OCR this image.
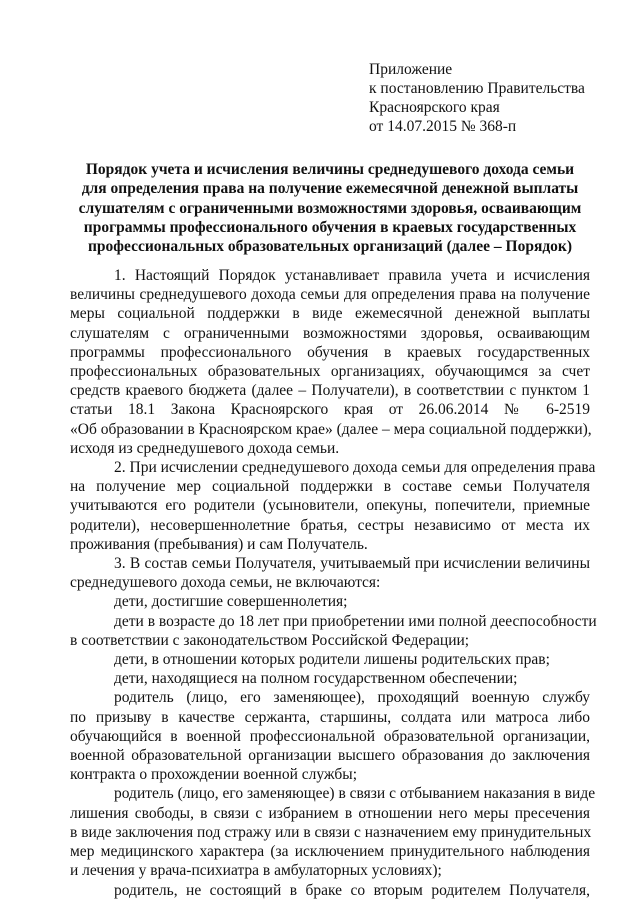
Приложение
к постановлению Правительства
Красноярского края
от 14.07.2015 № 368-п
Порядок учета и исчисления величины среднедушевого дохода семьи
для определения права на получение ежемесячной денежной выплаты
слушателям с ограниченными возможностями здоровья, осваивающим
программы профессионального обучения в краевых государственных
профессиональных образовательных организаций (далее – Порядок)
1. Настоящий Порядок устанавливает правила учета и исчисления
величины среднедушевого дохода семьи для определения права на получение
меры социальной поддержки в виде ежемесячной денежной выплаты
слушателям с ограниченными возможностями здоровья, осваивающим
программы профессионального обучения в краевых государственных
профессиональных образовательных организациях, обучающимся за счет
средств краевого бюджета (далее – Получатели), в соответствии с пунктом 1
статьи 18.1 Закона Красноярского края от 26.06.2014 № 6-2519
«Об образовании в Красноярском крае» (далее – мера социальной поддержки),
исходя из среднедушевого дохода семьи.
2. При исчислении среднедушевого дохода семьи для определения права
на получение мер социальной поддержки в составе семьи Получателя
учитываются его родители (усыновители, опекуны, попечители, приемные
родители), несовершеннолетние братья, сестры независимо от места их
проживания (пребывания) и сам Получатель.
3. В состав семьи Получателя, учитываемый при исчислении величины
среднедушевого дохода семьи, не включаются:
дети, достигшие совершеннолетия;
дети в возрасте до 18 лет при приобретении ими полной дееспособности
в соответствии с законодательством Российской Федерации;
дети, в отношении которых родители лишены родительских прав;
дети, находящиеся на полном государственном обеспечении;
родитель (лицо, его заменяющее), проходящий военную службу
по призыву в качестве сержанта, старшины, солдата или матроса либо
обучающийся в военной профессиональной образовательной организации,
военной образовательной организации высшего образования до заключения
контракта о прохождении военной службы;
родитель (лицо, его заменяющее) в связи с отбыванием наказания в виде
лишения свободы, в связи с избранием в отношении него меры пресечения
в виде заключения под стражу или в связи с назначением ему принудительных
мер медицинского характера (за исключением принудительного наблюдения
и лечения у врача-психиатра в амбулаторных условиях);
родитель, не состоящий в браке со вторым родителем Получателя,
